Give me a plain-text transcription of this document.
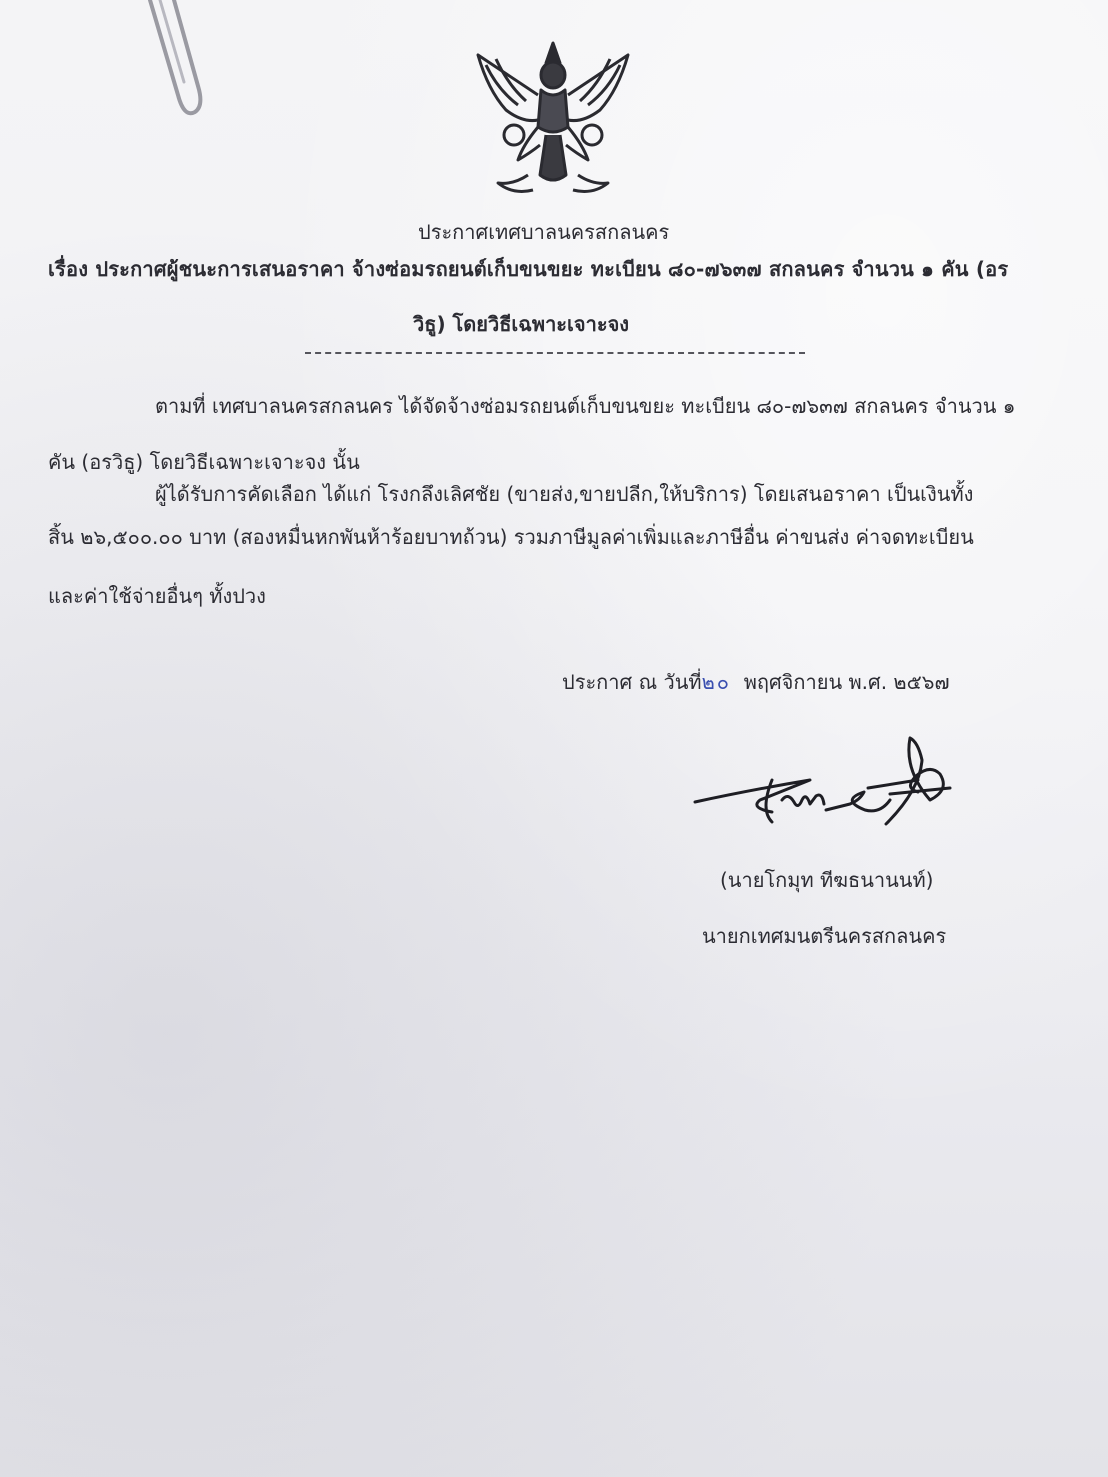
ประกาศเทศบาลนครสกลนคร
เรื่อง ประกาศผู้ชนะการเสนอราคา จ้างซ่อมรถยนต์เก็บขนขยะ ทะเบียน ๘๐-๗๖๓๗ สกลนคร จำนวน ๑ คัน (อร
วิธู) โดยวิธีเฉพาะเจาะจง
ตามที่ เทศบาลนครสกลนคร ได้จัดจ้างซ่อมรถยนต์เก็บขนขยะ ทะเบียน ๘๐-๗๖๓๗ สกลนคร จำนวน ๑
คัน (อรวิธู) โดยวิธีเฉพาะเจาะจง นั้น
ผู้ได้รับการคัดเลือก ได้แก่ โรงกลึงเลิศชัย (ขายส่ง,ขายปลีก,ให้บริการ) โดยเสนอราคา เป็นเงินทั้ง
สิ้น ๒๖,๕๐๐.๐๐ บาท (สองหมื่นหกพันห้าร้อยบาทถ้วน) รวมภาษีมูลค่าเพิ่มและภาษีอื่น ค่าขนส่ง ค่าจดทะเบียน
และค่าใช้จ่ายอื่นๆ ทั้งปวง
ประกาศ ณ วันที่๒๐ พฤศจิกายน พ.ศ. ๒๕๖๗
(นายโกมุท ทีฆธนานนท์)
นายกเทศมนตรีนครสกลนคร
